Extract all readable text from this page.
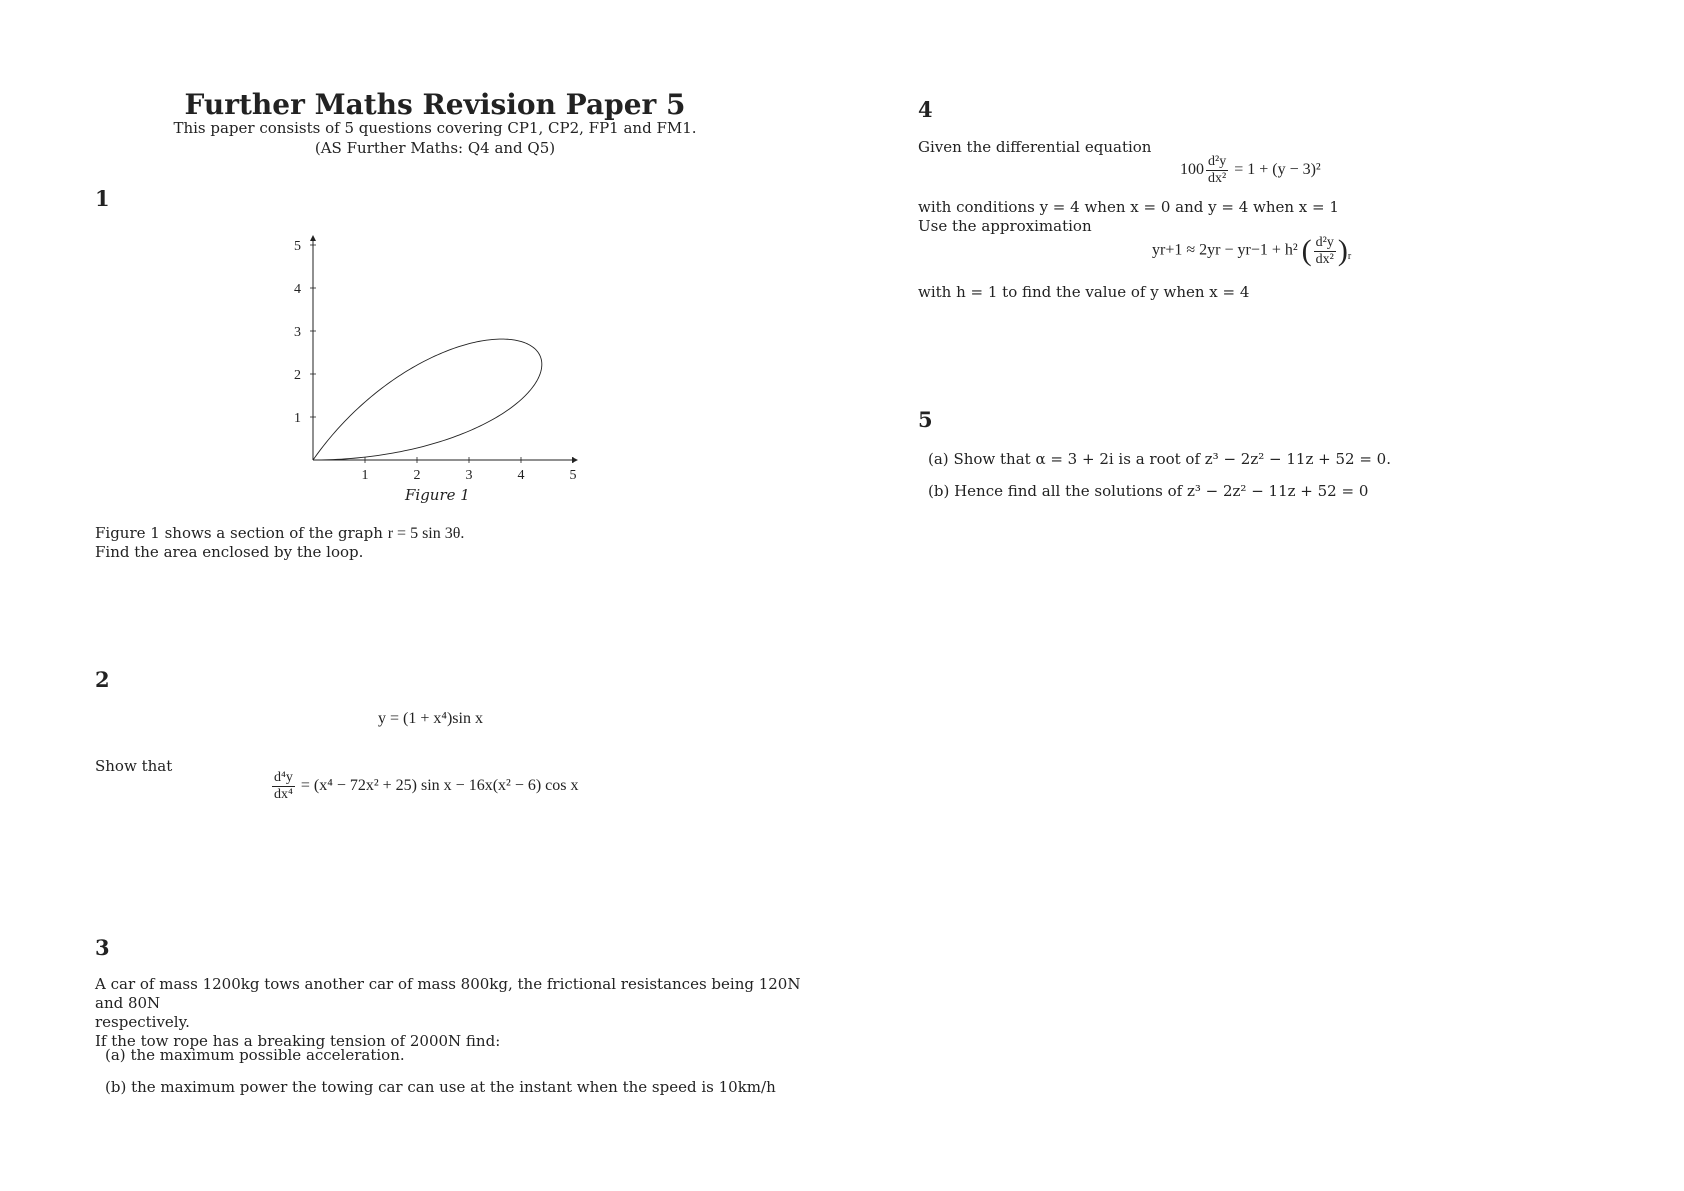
Further Maths Revision Paper 5
This paper consists of 5 questions covering CP1, CP2, FP1 and FM1.
(AS Further Maths: Q4 and Q5)
1
1	2	3	4	5
1
2
3
4
5
Figure 1
Figure 1 shows a section of the graph r = 5 sin 3θ.
Find the area enclosed by the loop.
2
y = (1 + x⁴)sin x
Show that
$\frac{\text{d⁴y}}{\text{dx⁴}} = (x^4 - 72x^2 + 25)$ sin x − 16x(x² − 6) cos x
3
A car of mass 1200kg tows another car of mass 800kg, the frictional resistances being 120N and 80N
respectively.
If the tow rope has a breaking tension of 2000N find:
(a) the maximum possible acceleration.
(b) the maximum power the towing car can use at the instant when the speed is 10km/h
4
Given the differential equation
$100 \frac{\text{d²y}}{\text{dx²}} = 1 + (y - 3)^2$
with conditions y = 4 when x = 0 and y = 4 when x = 1
Use the approximation
yr+1 ≈ 2yr − yr−1 + h² ( $\frac{\text{d²y}}{\text{dx²}} )_r$
with h = 1 to find the value of y when x = 4
5
(a) Show that α = 3 + 2i is a root of z³ − 2z² − 11z + 52 = 0.
(b) Hence find all the solutions of z³ − 2z² − 11z + 52 = 0
